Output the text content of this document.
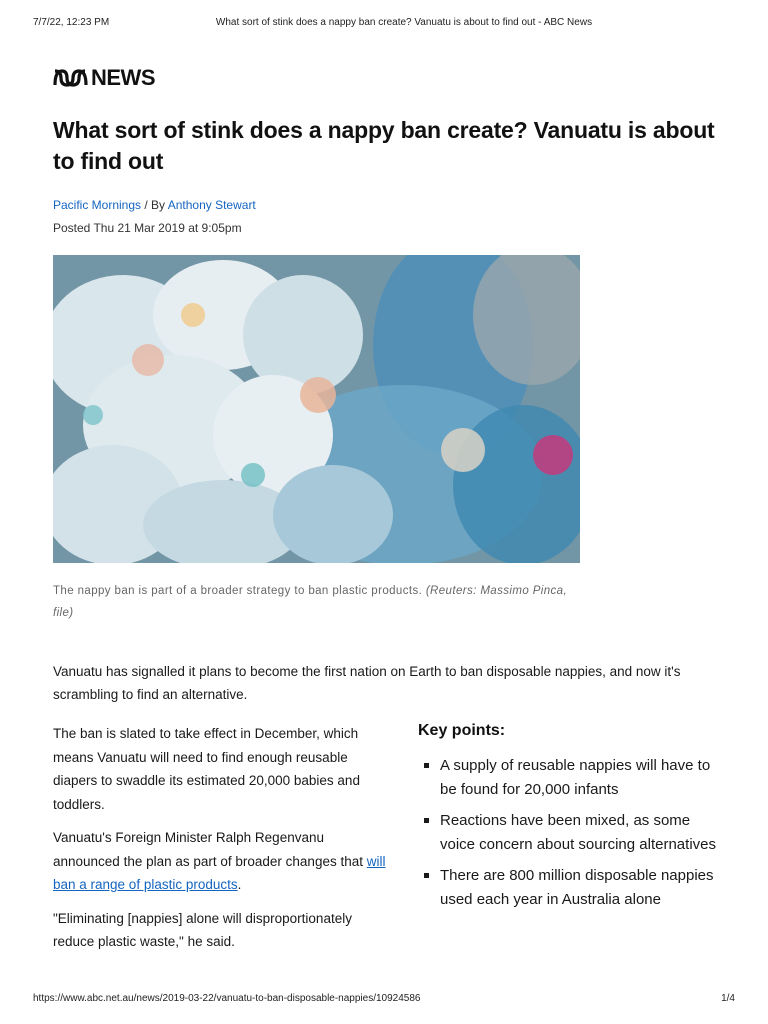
7/7/22, 12:23 PM	What sort of stink does a nappy ban create? Vanuatu is about to find out - ABC News
NEWS
What sort of stink does a nappy ban create? Vanuatu is about to find out
Pacific Mornings / By Anthony Stewart
Posted Thu 21 Mar 2019 at 9:05pm
The nappy ban is part of a broader strategy to ban plastic products. (Reuters: Massimo Pinca, file)

Vanuatu has signalled it plans to become the first nation on Earth to ban disposable nappies, and now it's scrambling to find an alternative.

The ban is slated to take effect in December, which means Vanuatu will need to find enough reusable diapers to swaddle its estimated 20,000 babies and toddlers.

Vanuatu's Foreign Minister Ralph Regenvanu announced the plan as part of broader changes that will ban a range of plastic products.

"Eliminating [nappies] alone will disproportionately reduce plastic waste," he said.

Key points:
A supply of reusable nappies will have to be found for 20,000 infants
Reactions have been mixed, as some voice concern about sourcing alternatives
There are 800 million disposable nappies used each year in Australia alone
https://www.abc.net.au/news/2019-03-22/vanuatu-to-ban-disposable-nappies/10924586	1/4
